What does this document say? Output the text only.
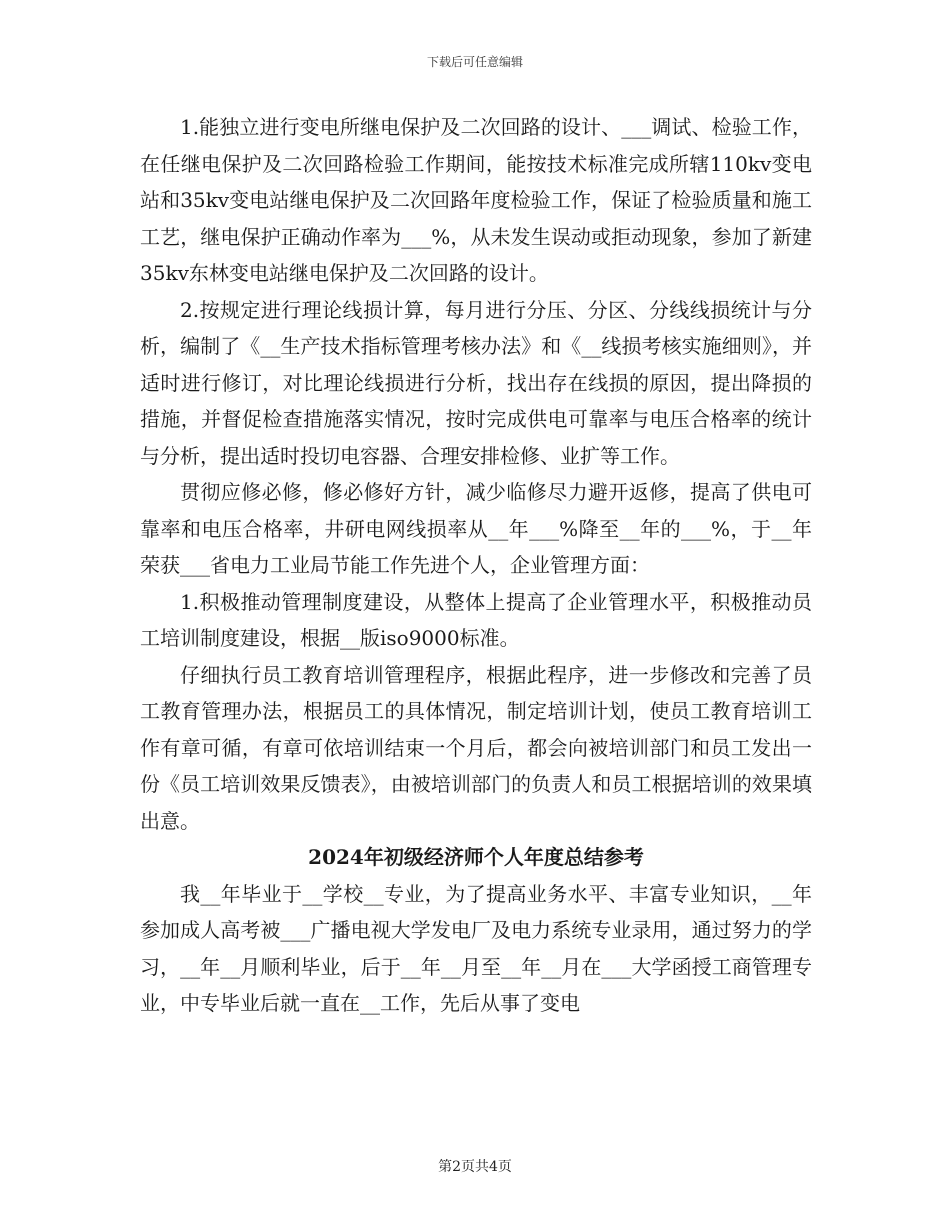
下载后可任意编辑

1.能独立进行变电所继电保护及二次回路的设计、___调试、检验工作，在任继电保护及二次回路检验工作期间，能按技术标准完成所辖110kv变电站和35kv变电站继电保护及二次回路年度检验工作，保证了检验质量和施工工艺，继电保护正确动作率为___%，从未发生误动或拒动现象，参加了新建35kv东林变电站继电保护及二次回路的设计。

2.按规定进行理论线损计算，每月进行分压、分区、分线线损统计与分析，编制了《__生产技术指标管理考核办法》和《__线损考核实施细则》，并适时进行修订，对比理论线损进行分析，找出存在线损的原因，提出降损的措施，并督促检查措施落实情况，按时完成供电可靠率与电压合格率的统计与分析，提出适时投切电容器、合理安排检修、业扩等工作。

贯彻应修必修，修必修好方针，减少临修尽力避开返修，提高了供电可靠率和电压合格率，井研电网线损率从__年___%降至__年的___%，于__年荣获___省电力工业局节能工作先进个人，企业管理方面：

1.积极推动管理制度建设，从整体上提高了企业管理水平，积极推动员工培训制度建设，根据__版iso9000标准。

仔细执行员工教育培训管理程序，根据此程序，进一步修改和完善了员工教育管理办法，根据员工的具体情况，制定培训计划，使员工教育培训工作有章可循，有章可依培训结束一个月后，都会向被培训部门和员工发出一份《员工培训效果反馈表》，由被培训部门的负责人和员工根据培训的效果填出意。

2024年初级经济师个人年度总结参考

我__年毕业于__学校__专业，为了提高业务水平、丰富专业知识，__年参加成人高考被___广播电视大学发电厂及电力系统专业录用，通过努力的学习，__年__月顺利毕业，后于__年__月至__年__月在___大学函授工商管理专业，中专毕业后就一直在__工作，先后从事了变电

第2页共4页
